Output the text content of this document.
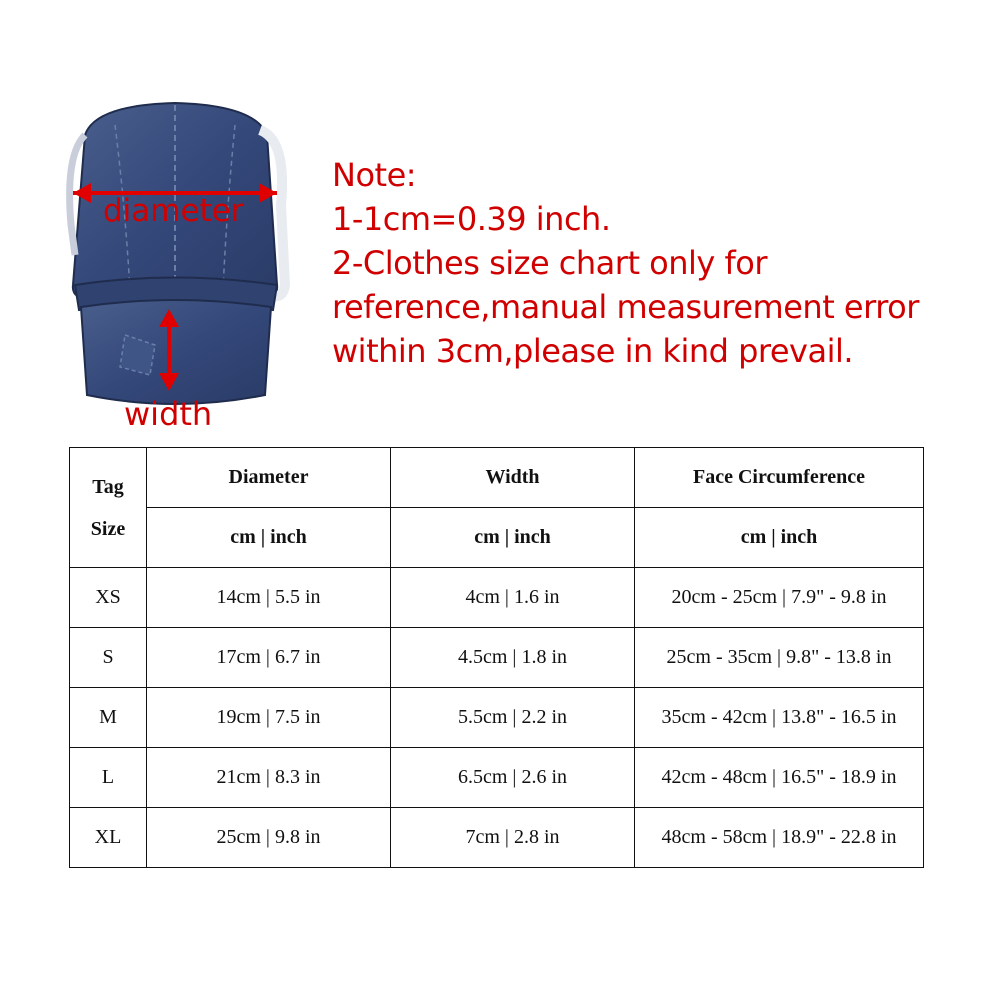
diameter
width
Note:
1-1cm=0.39 inch.
2-Clothes size chart only for
reference,manual measurement error
within 3cm,please in kind prevail.
Tag
Size	Diameter	Width	Face Circumference
	cm | inch	cm | inch	cm | inch
XS	14cm | 5.5 in	4cm | 1.6 in	20cm - 25cm | 7.9" - 9.8 in
S	17cm | 6.7 in	4.5cm | 1.8 in	25cm - 35cm | 9.8" - 13.8 in
M	19cm | 7.5 in	5.5cm | 2.2 in	35cm - 42cm | 13.8" - 16.5 in
L	21cm | 8.3 in	6.5cm | 2.6 in	42cm - 48cm | 16.5" - 18.9 in
XL	25cm | 9.8 in	7cm | 2.8 in	48cm - 58cm | 18.9" - 22.8 in
